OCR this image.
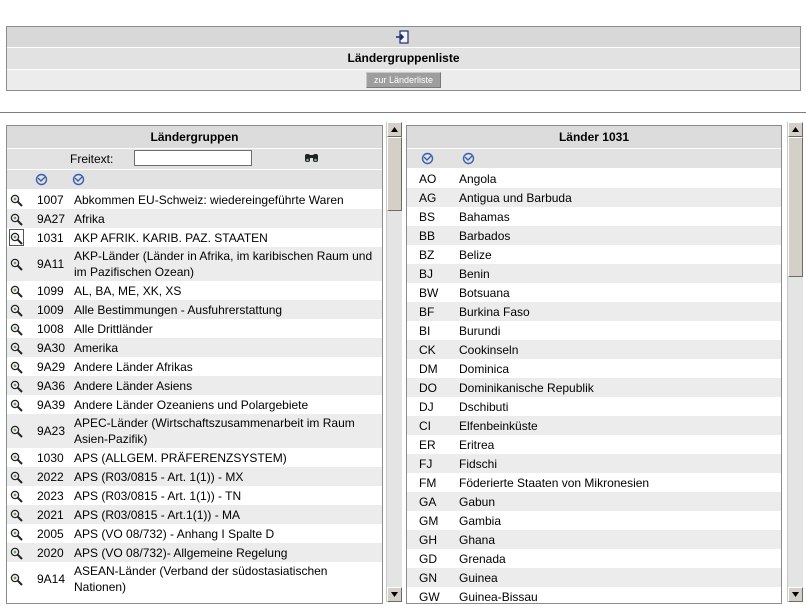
Ländergruppenliste
zur Länderliste
Ländergruppen
Freitext:
	1007	Abkommen EU-Schweiz: wiedereingeführte Waren
	9A27	Afrika
	1031	AKP AFRIK. KARIB. PAZ. STAATEN
	9A11	AKP-Länder (Länder in Afrika, im karibischen Raum und im Pazifischen Ozean)
	1099	AL, BA, ME, XK, XS
	1009	Alle Bestimmungen - Ausfuhrerstattung
	1008	Alle Drittländer
	9A30	Amerika
	9A29	Andere Länder Afrikas
	9A36	Andere Länder Asiens
	9A39	Andere Länder Ozeaniens und Polargebiete
	9A23	APEC-Länder (Wirtschaftszusammenarbeit im Raum Asien-Pazifik)
	1030	APS (ALLGEM. PRÄFERENZSYSTEM)
	2022	APS (R03/0815 - Art. 1(1)) - MX
	2023	APS (R03/0815 - Art. 1(1)) - TN
	2021	APS (R03/0815 - Art.1(1)) - MA
	2005	APS (VO 08/732) - Anhang I Spalte D
	2020	APS (VO 08/732)- Allgemeine Regelung
	9A14	ASEAN-Länder (Verband der südostasiatischen Nationen)
Länder 1031
AO	Angola
AG	Antigua und Barbuda
BS	Bahamas
BB	Barbados
BZ	Belize
BJ	Benin
BW	Botsuana
BF	Burkina Faso
BI	Burundi
CK	Cookinseln
DM	Dominica
DO	Dominikanische Republik
DJ	Dschibuti
CI	Elfenbeinküste
ER	Eritrea
FJ	Fidschi
FM	Föderierte Staaten von Mikronesien
GA	Gabun
GM	Gambia
GH	Ghana
GD	Grenada
GN	Guinea
GW	Guinea-Bissau
